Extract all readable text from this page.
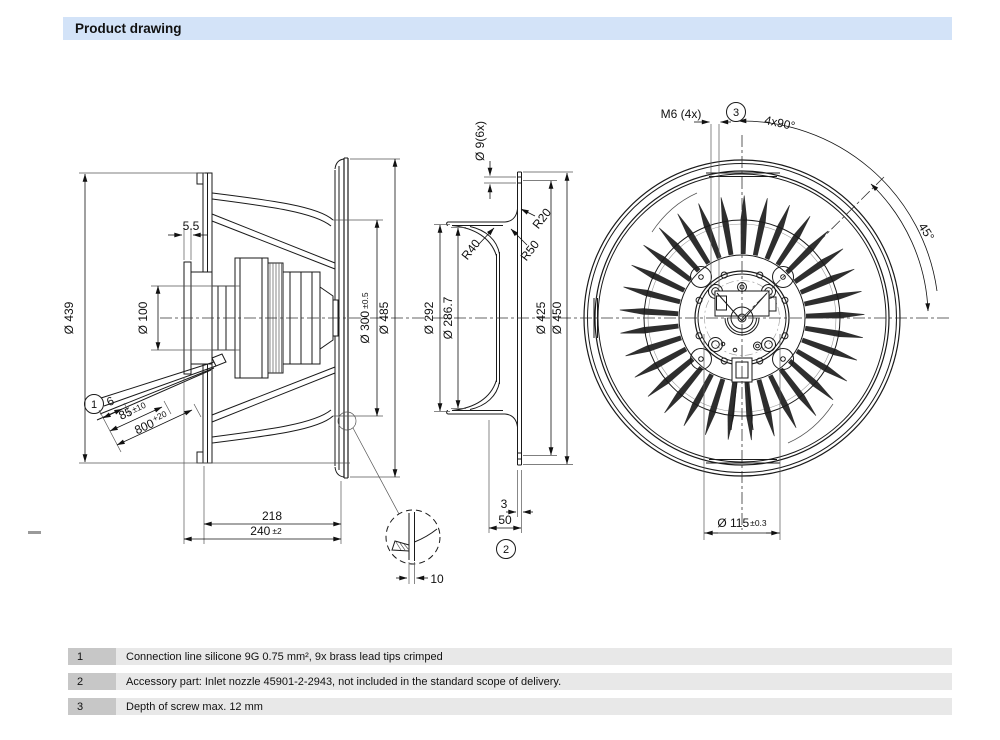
Product drawing
Ø 439	Ø 100	Ø 300±0.5
Ø 485
5.5
218
240 ±2
6
85±10
$800^{+20}$
10
Ø 9(6x)
R40	R50
R20
Ø 292 Ø 286.7	Ø 425 Ø 450
3
50
M6 (4x)	4x90°
45°
Ø 115±0.3
1
2
3
1	Connection line silicone 9G 0.75 mm², 9x brass lead tips crimped
2	Accessory part: Inlet nozzle 45901-2-2943, not included in the standard scope of delivery.
3	Depth of screw max. 12 mm
